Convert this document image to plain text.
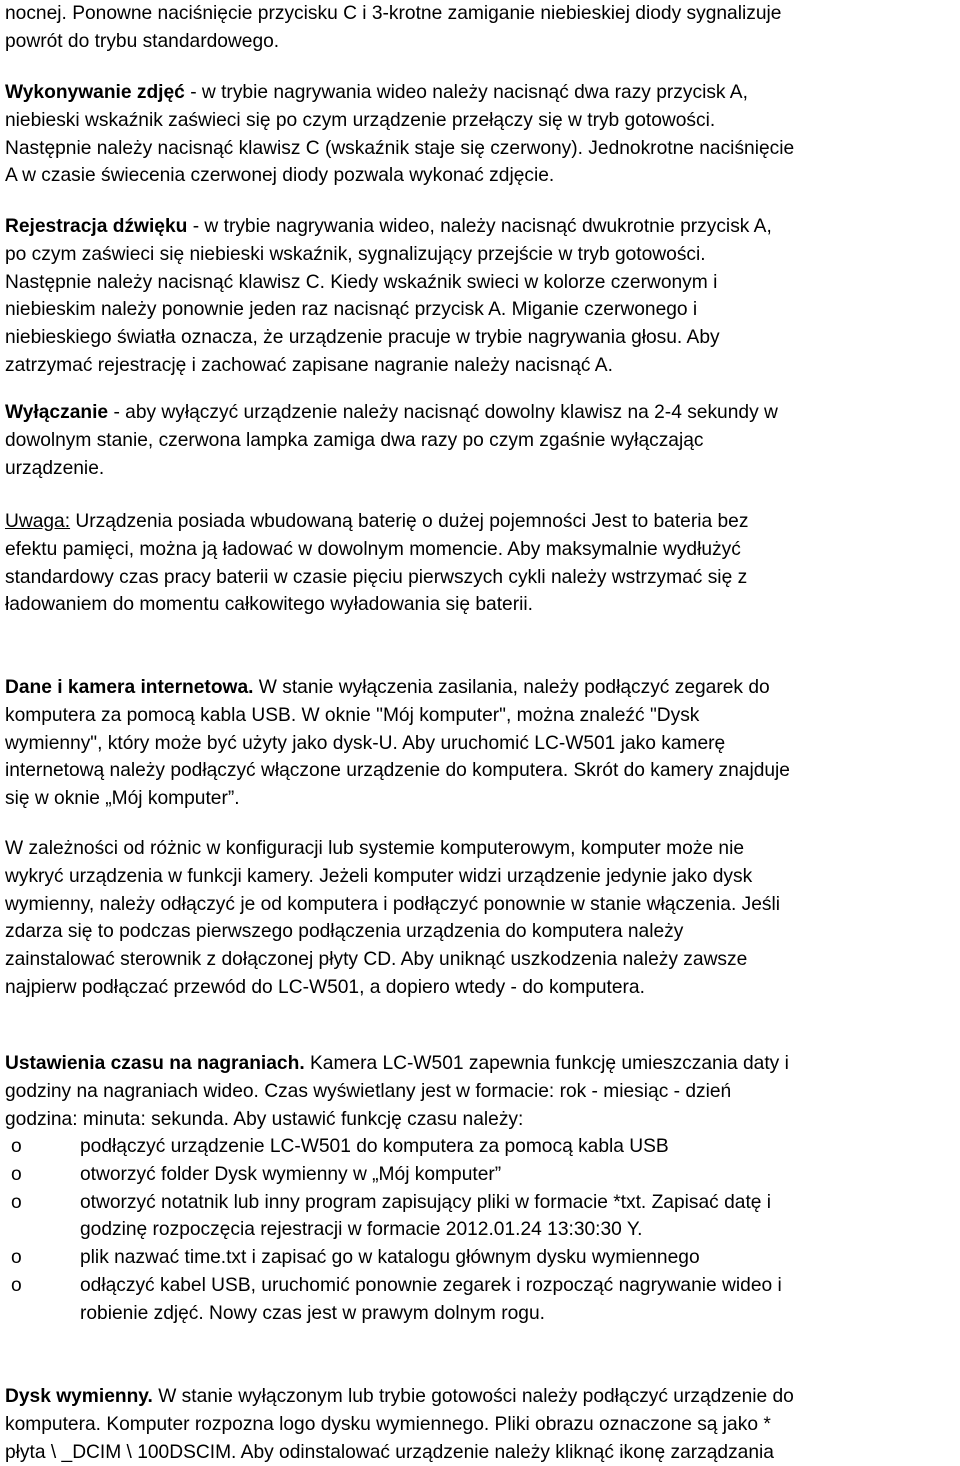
nocnej. Ponowne naciśnięcie przycisku C i 3-krotne zamiganie niebieskiej diody sygnalizuje
powrót do trybu standardowego.

Wykonywanie zdjęć - w trybie nagrywania wideo należy nacisnąć dwa razy przycisk A,
niebieski wskaźnik zaświeci się po czym urządzenie przełączy się w tryb gotowości.
Następnie należy nacisnąć klawisz C (wskaźnik staje się czerwony). Jednokrotne naciśnięcie
A w czasie świecenia czerwonej diody pozwala wykonać zdjęcie.

Rejestracja dźwięku - w trybie nagrywania wideo, należy nacisnąć dwukrotnie przycisk A,
po czym zaświeci się niebieski wskaźnik, sygnalizujący przejście w tryb gotowości.
Następnie należy nacisnąć klawisz C. Kiedy wskaźnik swieci w kolorze czerwonym i
niebieskim należy ponownie jeden raz nacisnąć przycisk A. Miganie czerwonego i
niebieskiego światła oznacza, że urządzenie pracuje w trybie nagrywania głosu. Aby
zatrzymać rejestrację i zachować zapisane nagranie należy nacisnąć A.

Wyłączanie - aby wyłączyć urządzenie należy nacisnąć dowolny klawisz na 2-4 sekundy w
dowolnym stanie, czerwona lampka zamiga dwa razy po czym zgaśnie wyłączając
urządzenie.

Uwaga: Urządzenia posiada wbudowaną baterię o dużej pojemności Jest to bateria bez
efektu pamięci, można ją ładować w dowolnym momencie. Aby maksymalnie wydłużyć
standardowy czas pracy baterii w czasie pięciu pierwszych cykli należy wstrzymać się z
ładowaniem do momentu całkowitego wyładowania się baterii.

Dane i kamera internetowa. W stanie wyłączenia zasilania, należy podłączyć zegarek do
komputera za pomocą kabla USB. W oknie "Mój komputer", można znaleźć "Dysk
wymienny", który może być użyty jako dysk-U. Aby uruchomić LC-W501 jako kamerę
internetową należy podłączyć włączone urządzenie do komputera. Skrót do kamery znajduje
się w oknie „Mój komputer”.

W zależności od różnic w konfiguracji lub systemie komputerowym, komputer może nie
wykryć urządzenia w funkcji kamery. Jeżeli komputer widzi urządzenie jedynie jako dysk
wymienny, należy odłączyć je od komputera i podłączyć ponownie w stanie włączenia. Jeśli
zdarza się to podczas pierwszego podłączenia urządzenia do komputera należy
zainstalować sterownik z dołączonej płyty CD. Aby uniknąć uszkodzenia należy zawsze
najpierw podłączać przewód do LC-W501, a dopiero wtedy - do komputera.

Ustawienia czasu na nagraniach. Kamera LC-W501 zapewnia funkcję umieszczania daty i
godziny na nagraniach wideo. Czas wyświetlany jest w formacie: rok - miesiąc - dzień
godzina: minuta: sekunda. Aby ustawić funkcję czasu należy:

o	podłączyć urządzenie LC-W501 do komputera za pomocą kabla USB
o	otworzyć folder Dysk wymienny w „Mój komputer”
o	otworzyć notatnik lub inny program zapisujący pliki w formacie *txt. Zapisać datę i
godzinę rozpoczęcia rejestracji w formacie 2012.01.24 13:30:30 Y.
o	plik nazwać time.txt i zapisać go w katalogu głównym dysku wymiennego
o	odłączyć kabel USB, uruchomić ponownie zegarek i rozpocząć nagrywanie wideo i
robienie zdjęć. Nowy czas jest w prawym dolnym rogu.

Dysk wymienny. W stanie wyłączonym lub trybie gotowości należy podłączyć urządzenie do
komputera. Komputer rozpozna logo dysku wymiennego. Pliki obrazu oznaczone są jako *
płyta \ _DCIM \ 100DSCIM. Aby odinstalować urządzenie należy kliknąć ikonę zarządzania
